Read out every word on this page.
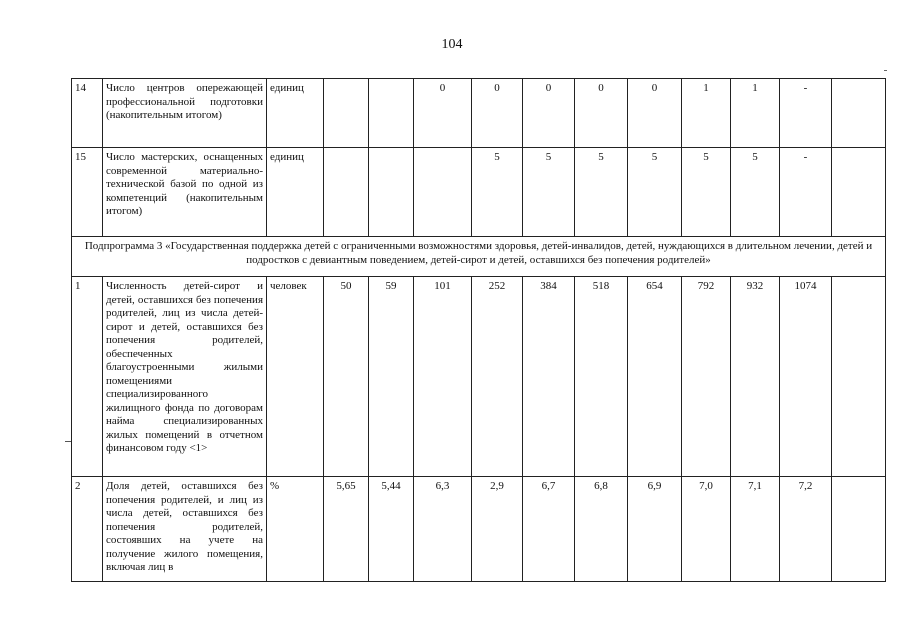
104
14	Число центров опережающей профессиональной подготовки (накопительным итогом)	единиц			0	0	0	0	0	1	1	-	
15	Число мастерских, оснащенных современной материально-технической базой по одной из компетенций (накопительным итогом)	единиц				5	5	5	5	5	5	-	
Подпрограмма 3 «Государственная поддержка детей с ограниченными возможностями здоровья, детей-инвалидов, детей, нуждающихся в длительном лечении, детей и подростков с девиантным поведением, детей-сирот и детей, оставшихся без попечения родителей»													
1	Численность детей-сирот и детей, оставшихся без попечения родителей, лиц из числа детей-сирот и детей, оставшихся без попечения родителей, обеспеченных благоустроенными жилыми помещениями специализированного жилищного фонда по договорам найма специализированных жилых помещений в отчетном финансовом году <1>	человек	50	59	101	252	384	518	654	792	932	1074	
2	Доля детей, оставшихся без попечения родителей, и лиц из числа детей, оставшихся без попечения родителей, состоявших на учете на получение жилого помещения, включая лиц в	%	5,65	5,44	6,3	2,9	6,7	6,8	6,9	7,0	7,1	7,2	
